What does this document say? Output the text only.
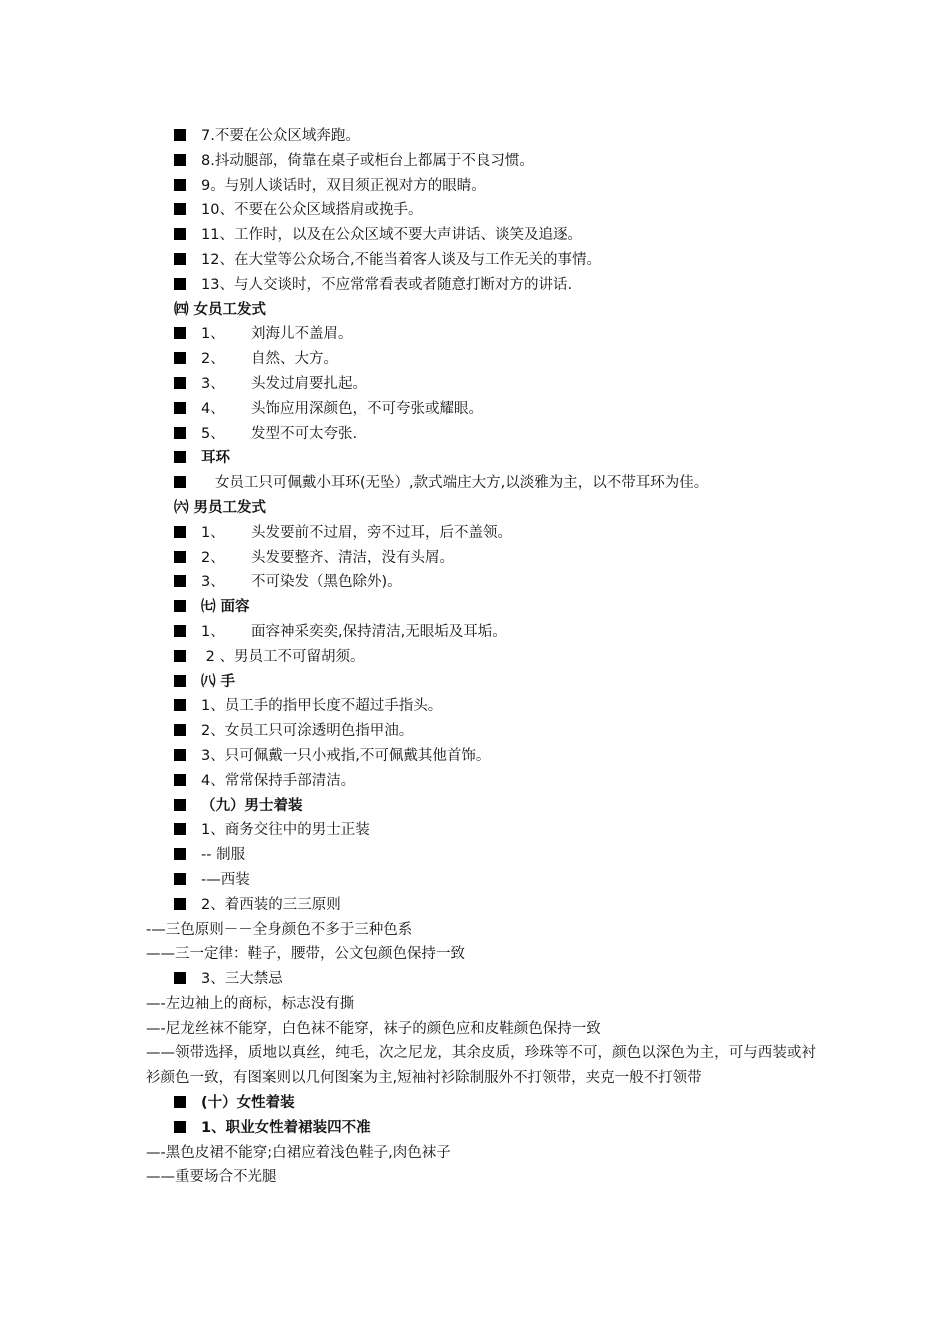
7.不要在公众区域奔跑。
8.抖动腿部，倚靠在桌子或柜台上都属于不良习惯。
9。与别人谈话时，双目须正视对方的眼睛。
10、不要在公众区域搭肩或挽手。
11、工作时，以及在公众区域不要大声讲话、谈笑及追逐。
12、在大堂等公众场合,不能当着客人谈及与工作无关的事情。
13、与人交谈时，不应常常看表或者随意打断对方的讲话.
㈣ 女员工发式
1、 刘海儿不盖眉。
2、 自然、大方。
3、 头发过肩要扎起。
4、 头饰应用深颜色，不可夸张或耀眼。
5、 发型不可太夸张.
耳环
女员工只可佩戴小耳环(无坠）,款式端庄大方,以淡雅为主，以不带耳环为佳。
㈥ 男员工发式
1、 头发要前不过眉，旁不过耳，后不盖领。
2、 头发要整齐、清洁，没有头屑。
3、 不可染发（黑色除外)。
㈦ 面容
1、 面容神采奕奕,保持清洁,无眼垢及耳垢。
2 、男员工不可留胡须。
㈧ 手
1、员工手的指甲长度不超过手指头。
2、女员工只可涂透明色指甲油。
3、只可佩戴一只小戒指,不可佩戴其他首饰。
4、常常保持手部清洁。
（九）男士着装
1、商务交往中的男士正装
-- 制服
-—西装
2、着西装的三三原则
-—三色原则－－全身颜色不多于三种色系
——三一定律：鞋子，腰带，公文包颜色保持一致
3、三大禁忌
—-左边袖上的商标，标志没有撕
—-尼龙丝袜不能穿，白色袜不能穿，袜子的颜色应和皮鞋颜色保持一致
——领带选择，质地以真丝，纯毛，次之尼龙，其余皮质，珍珠等不可，颜色以深色为主，可与西装或衬衫颜色一致，有图案则以几何图案为主,短袖衬衫除制服外不打领带，夹克一般不打领带
(十）女性着装
1、职业女性着裙装四不准
—-黑色皮裙不能穿;白裙应着浅色鞋子,肉色袜子
——重要场合不光腿
